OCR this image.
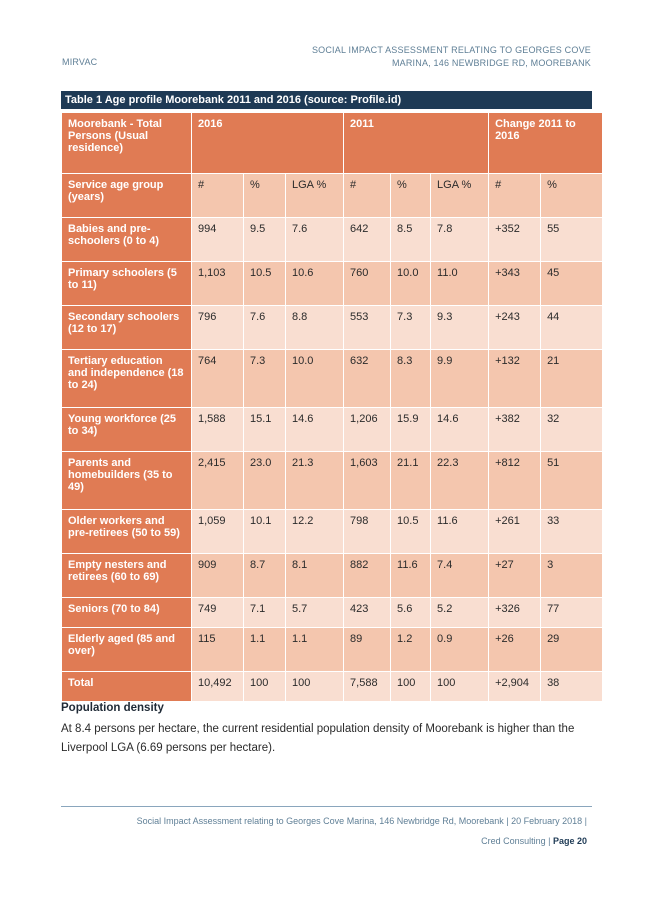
MIRVAC
SOCIAL IMPACT ASSESSMENT RELATING TO GEORGES COVE
MARINA, 146 NEWBRIDGE RD, MOOREBANK
Table 1 Age profile Moorebank 2011 and 2016 (source: Profile.id)
Moorebank - Total Persons (Usual residence)	2016			2011			Change 2011 to 2016	
Service age group (years)	#	%	LGA %	#	%	LGA %	#	%
Babies and pre-schoolers (0 to 4)	994	9.5	7.6	642	8.5	7.8	+352	55
Primary schoolers (5 to 11)	1,103	10.5	10.6	760	10.0	11.0	+343	45
Secondary schoolers (12 to 17)	796	7.6	8.8	553	7.3	9.3	+243	44
Tertiary education and independence (18 to 24)	764	7.3	10.0	632	8.3	9.9	+132	21
Young workforce (25 to 34)	1,588	15.1	14.6	1,206	15.9	14.6	+382	32
Parents and homebuilders (35 to 49)	2,415	23.0	21.3	1,603	21.1	22.3	+812	51
Older workers and pre-retirees (50 to 59)	1,059	10.1	12.2	798	10.5	11.6	+261	33
Empty nesters and retirees (60 to 69)	909	8.7	8.1	882	11.6	7.4	+27	3
Seniors (70 to 84)	749	7.1	5.7	423	5.6	5.2	+326	77
Elderly aged (85 and over)	115	1.1	1.1	89	1.2	0.9	+26	29
Total	10,492	100	100	7,588	100	100	+2,904	38
Population density
At 8.4 persons per hectare, the current residential population density of Moorebank is higher than the Liverpool LGA (6.69 persons per hectare).
Social Impact Assessment relating to Georges Cove Marina, 146 Newbridge Rd, Moorebank | 20 February 2018 |
Cred Consulting | Page 20
